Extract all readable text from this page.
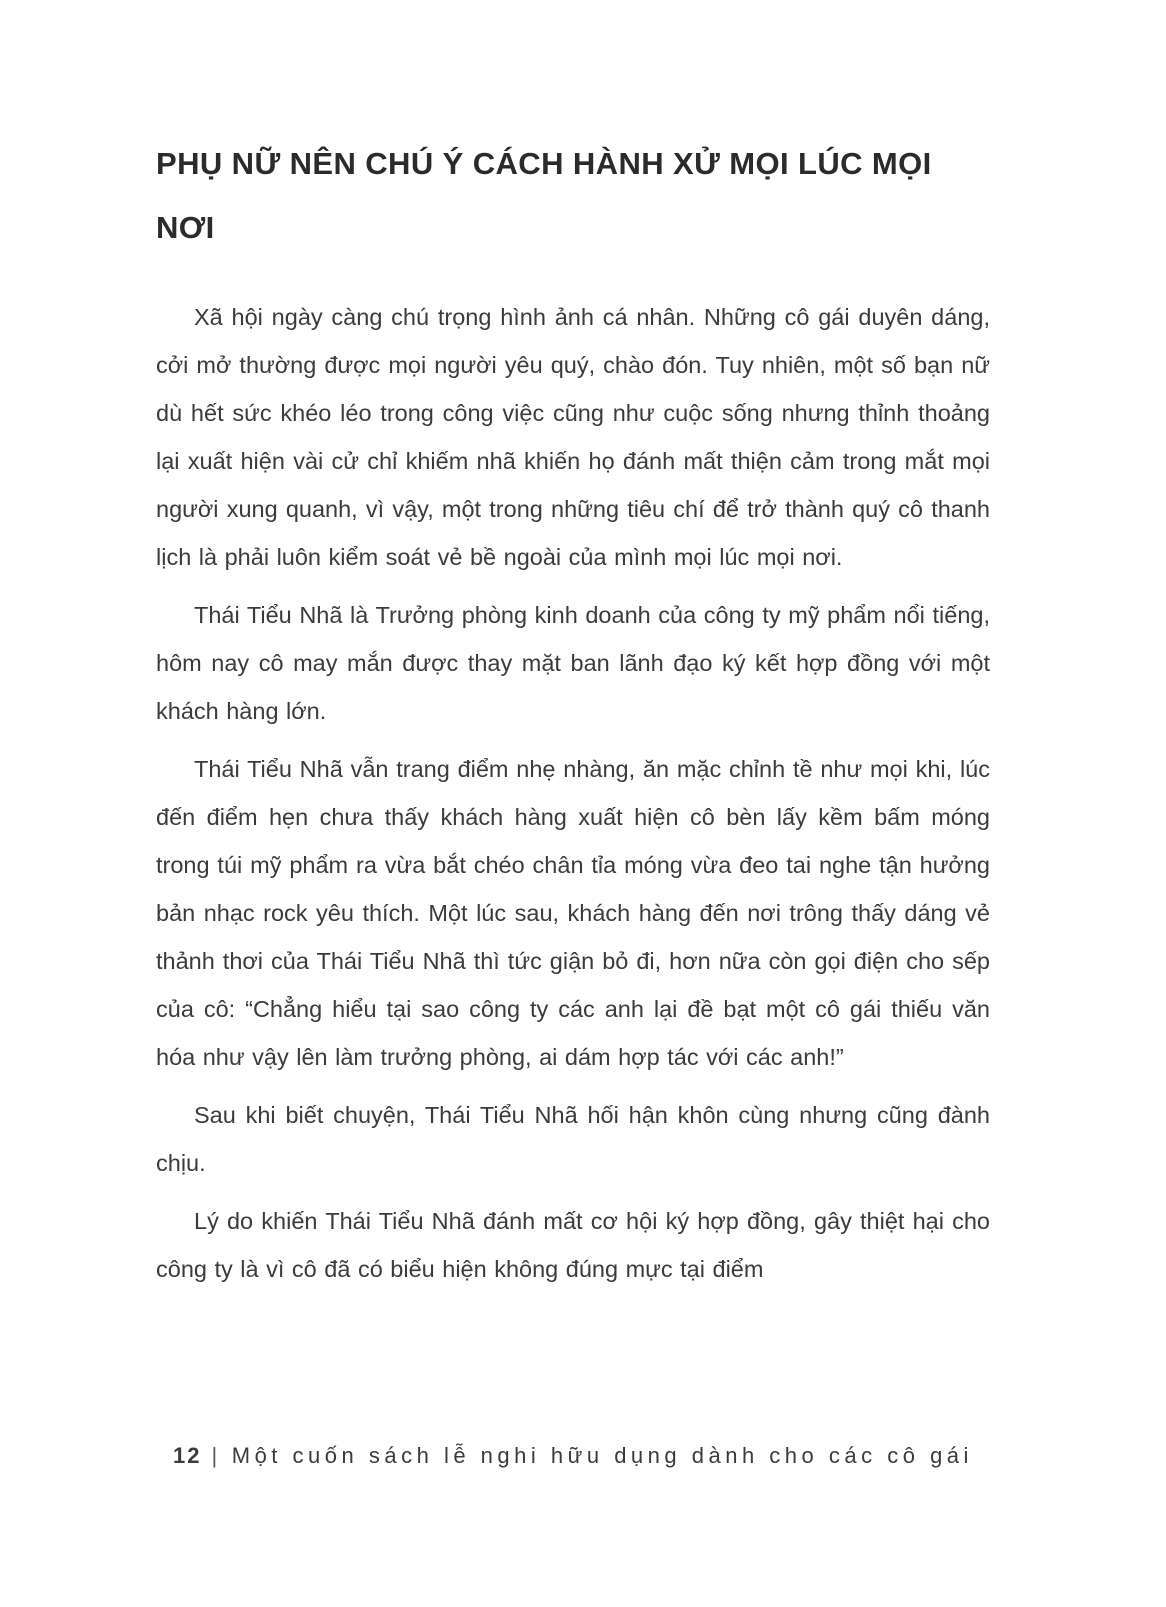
PHỤ NỮ NÊN CHÚ Ý CÁCH HÀNH XỬ MỌI LÚC MỌI NƠI

Xã hội ngày càng chú trọng hình ảnh cá nhân. Những cô gái duyên dáng, cởi mở thường được mọi người yêu quý, chào đón. Tuy nhiên, một số bạn nữ dù hết sức khéo léo trong công việc cũng như cuộc sống nhưng thỉnh thoảng lại xuất hiện vài cử chỉ khiếm nhã khiến họ đánh mất thiện cảm trong mắt mọi người xung quanh, vì vậy, một trong những tiêu chí để trở thành quý cô thanh lịch là phải luôn kiểm soát vẻ bề ngoài của mình mọi lúc mọi nơi.

Thái Tiểu Nhã là Trưởng phòng kinh doanh của công ty mỹ phẩm nổi tiếng, hôm nay cô may mắn được thay mặt ban lãnh đạo ký kết hợp đồng với một khách hàng lớn.

Thái Tiểu Nhã vẫn trang điểm nhẹ nhàng, ăn mặc chỉnh tề như mọi khi, lúc đến điểm hẹn chưa thấy khách hàng xuất hiện cô bèn lấy kềm bấm móng trong túi mỹ phẩm ra vừa bắt chéo chân tỉa móng vừa đeo tai nghe tận hưởng bản nhạc rock yêu thích. Một lúc sau, khách hàng đến nơi trông thấy dáng vẻ thảnh thơi của Thái Tiểu Nhã thì tức giận bỏ đi, hơn nữa còn gọi điện cho sếp của cô: “Chẳng hiểu tại sao công ty các anh lại đề bạt một cô gái thiếu văn hóa như vậy lên làm trưởng phòng, ai dám hợp tác với các anh!”

Sau khi biết chuyện, Thái Tiểu Nhã hối hận khôn cùng nhưng cũng đành chịu.

Lý do khiến Thái Tiểu Nhã đánh mất cơ hội ký hợp đồng, gây thiệt hại cho công ty là vì cô đã có biểu hiện không đúng mực tại điểm

12 | Một cuốn sách lễ nghi hữu dụng dành cho các cô gái
